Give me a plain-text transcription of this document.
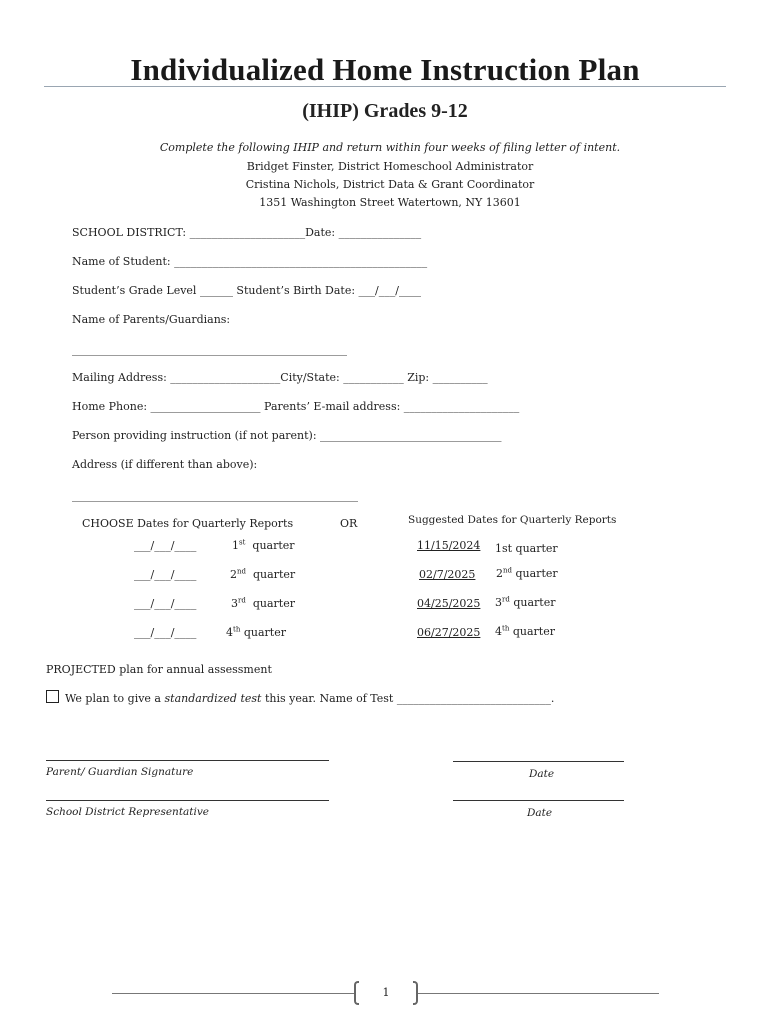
Individualized Home Instruction Plan
(IHIP) Grades 9-12
Complete the following IHIP and return within four weeks of filing letter of intent.
Bridget Finster, District Homeschool Administrator
Cristina Nichols, District Data & Grant Coordinator
1351 Washington Street Watertown, NY 13601
SCHOOL DISTRICT: _____________________Date: _______________
Name of Student: ______________________________________________
Student’s Grade Level ______ Student’s Birth Date: ___/___/____
Name of Parents/Guardians:
__________________________________________________
Mailing Address: ____________________City/State: ___________ Zip: __________
Home Phone: ____________________ Parents’ E-mail address: _____________________
Person providing instruction (if not parent): _________________________________
Address (if different than above):
____________________________________________________
CHOOSE Dates for Quarterly Reports	OR	Suggested Dates for Quarterly Reports
___/___/____	1st quarter	11/15/2024 1st quarter
___/___/____	2nd quarter	02/7/2025 2nd quarter
___/___/____	3rd quarter	04/25/2025 3rd quarter
___/___/____	4th quarter	06/27/2025 4th quarter
PROJECTED plan for annual assessment
We plan to give a standardized test this year. Name of Test ____________________________.
Parent/ Guardian Signature	Date
School District Representative	Date
1
